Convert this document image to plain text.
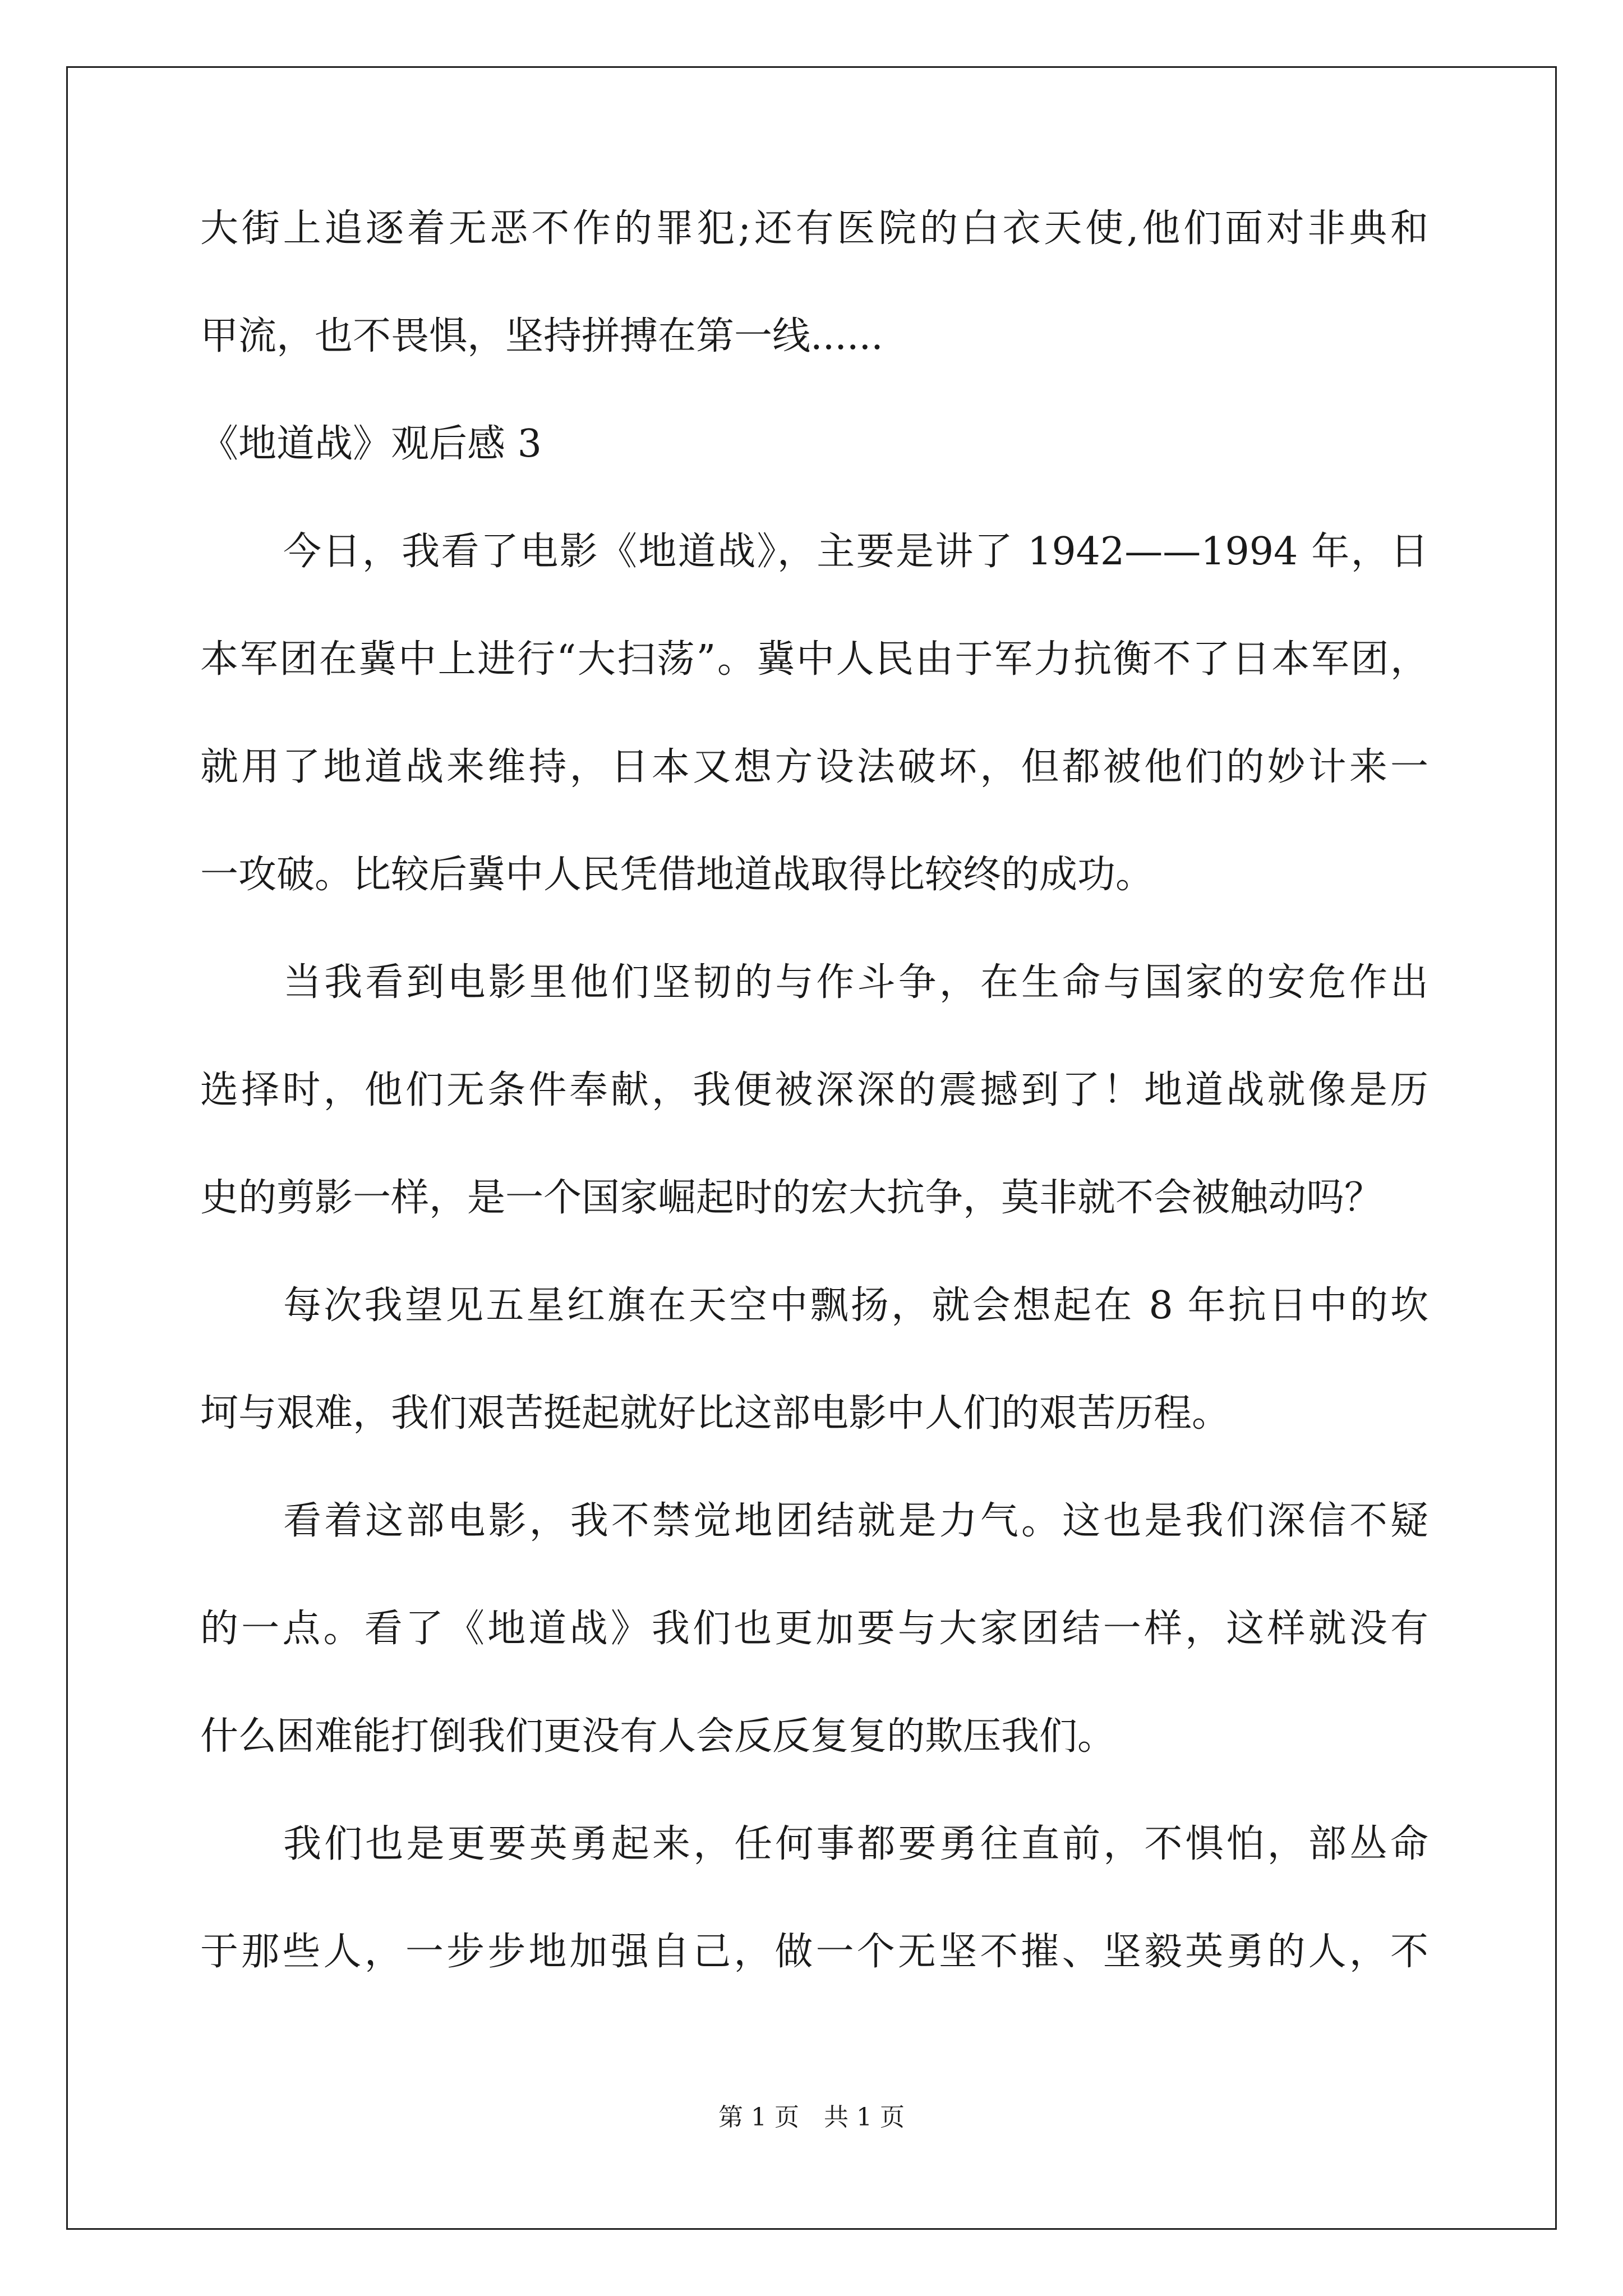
大街上追逐着无恶不作的罪犯;还有医院的白衣天使,他们面对非典和

甲流，也不畏惧，坚持拼搏在第一线......

《地道战》观后感 3

今日，我看了电影《地道战》，主要是讲了 1942——1994 年，日

本军团在冀中上进行“大扫荡”。冀中人民由于军力抗衡不了日本军团，

就用了地道战来维持，日本又想方设法破坏，但都被他们的妙计来一

一攻破。比较后冀中人民凭借地道战取得比较终的成功。

当我看到电影里他们坚韧的与作斗争，在生命与国家的安危作出

选择时，他们无条件奉献，我便被深深的震撼到了！地道战就像是历

史的剪影一样，是一个国家崛起时的宏大抗争，莫非就不会被触动吗？

每次我望见五星红旗在天空中飘扬，就会想起在 8 年抗日中的坎

坷与艰难，我们艰苦挺起就好比这部电影中人们的艰苦历程。

看着这部电影，我不禁觉地团结就是力气。这也是我们深信不疑

的一点。看了《地道战》我们也更加要与大家团结一样，这样就没有

什么困难能打倒我们更没有人会反反复复的欺压我们。

我们也是更要英勇起来，任何事都要勇往直前，不惧怕，部丛命

于那些人，一步步地加强自己，做一个无坚不摧、坚毅英勇的人，不

第 1 页　共 1 页
